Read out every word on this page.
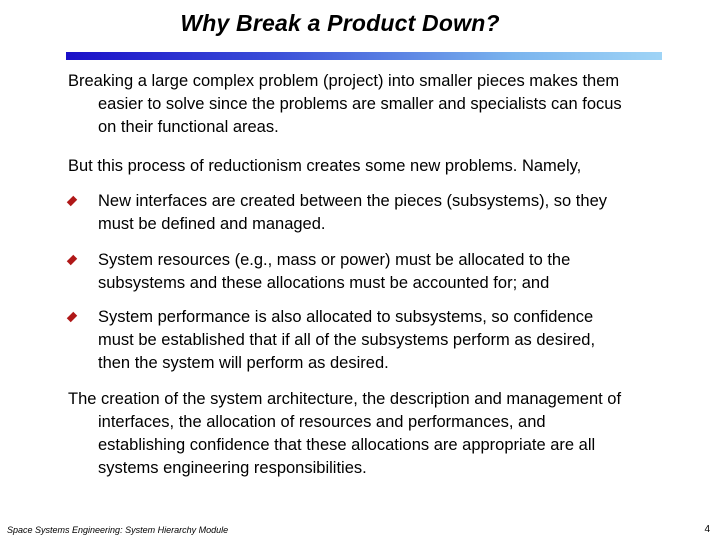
Why Break a Product Down?

Breaking a large complex problem (project) into smaller pieces makes them
easier to solve since the problems are smaller and specialists can focus
on their functional areas.

But this process of reductionism creates some new problems. Namely,

New interfaces are created between the pieces (subsystems), so they
must be defined and managed.
System resources (e.g., mass or power) must be allocated to the
subsystems and these allocations must be accounted for; and
System performance is also allocated to subsystems, so confidence
must be established that if all of the subsystems perform as desired,
then the system will perform as desired.

The creation of the system architecture, the description and management of
interfaces, the allocation of resources and performances, and
establishing confidence that these allocations are appropriate are all
systems engineering responsibilities.

Space Systems Engineering: System Hierarchy Module	4
